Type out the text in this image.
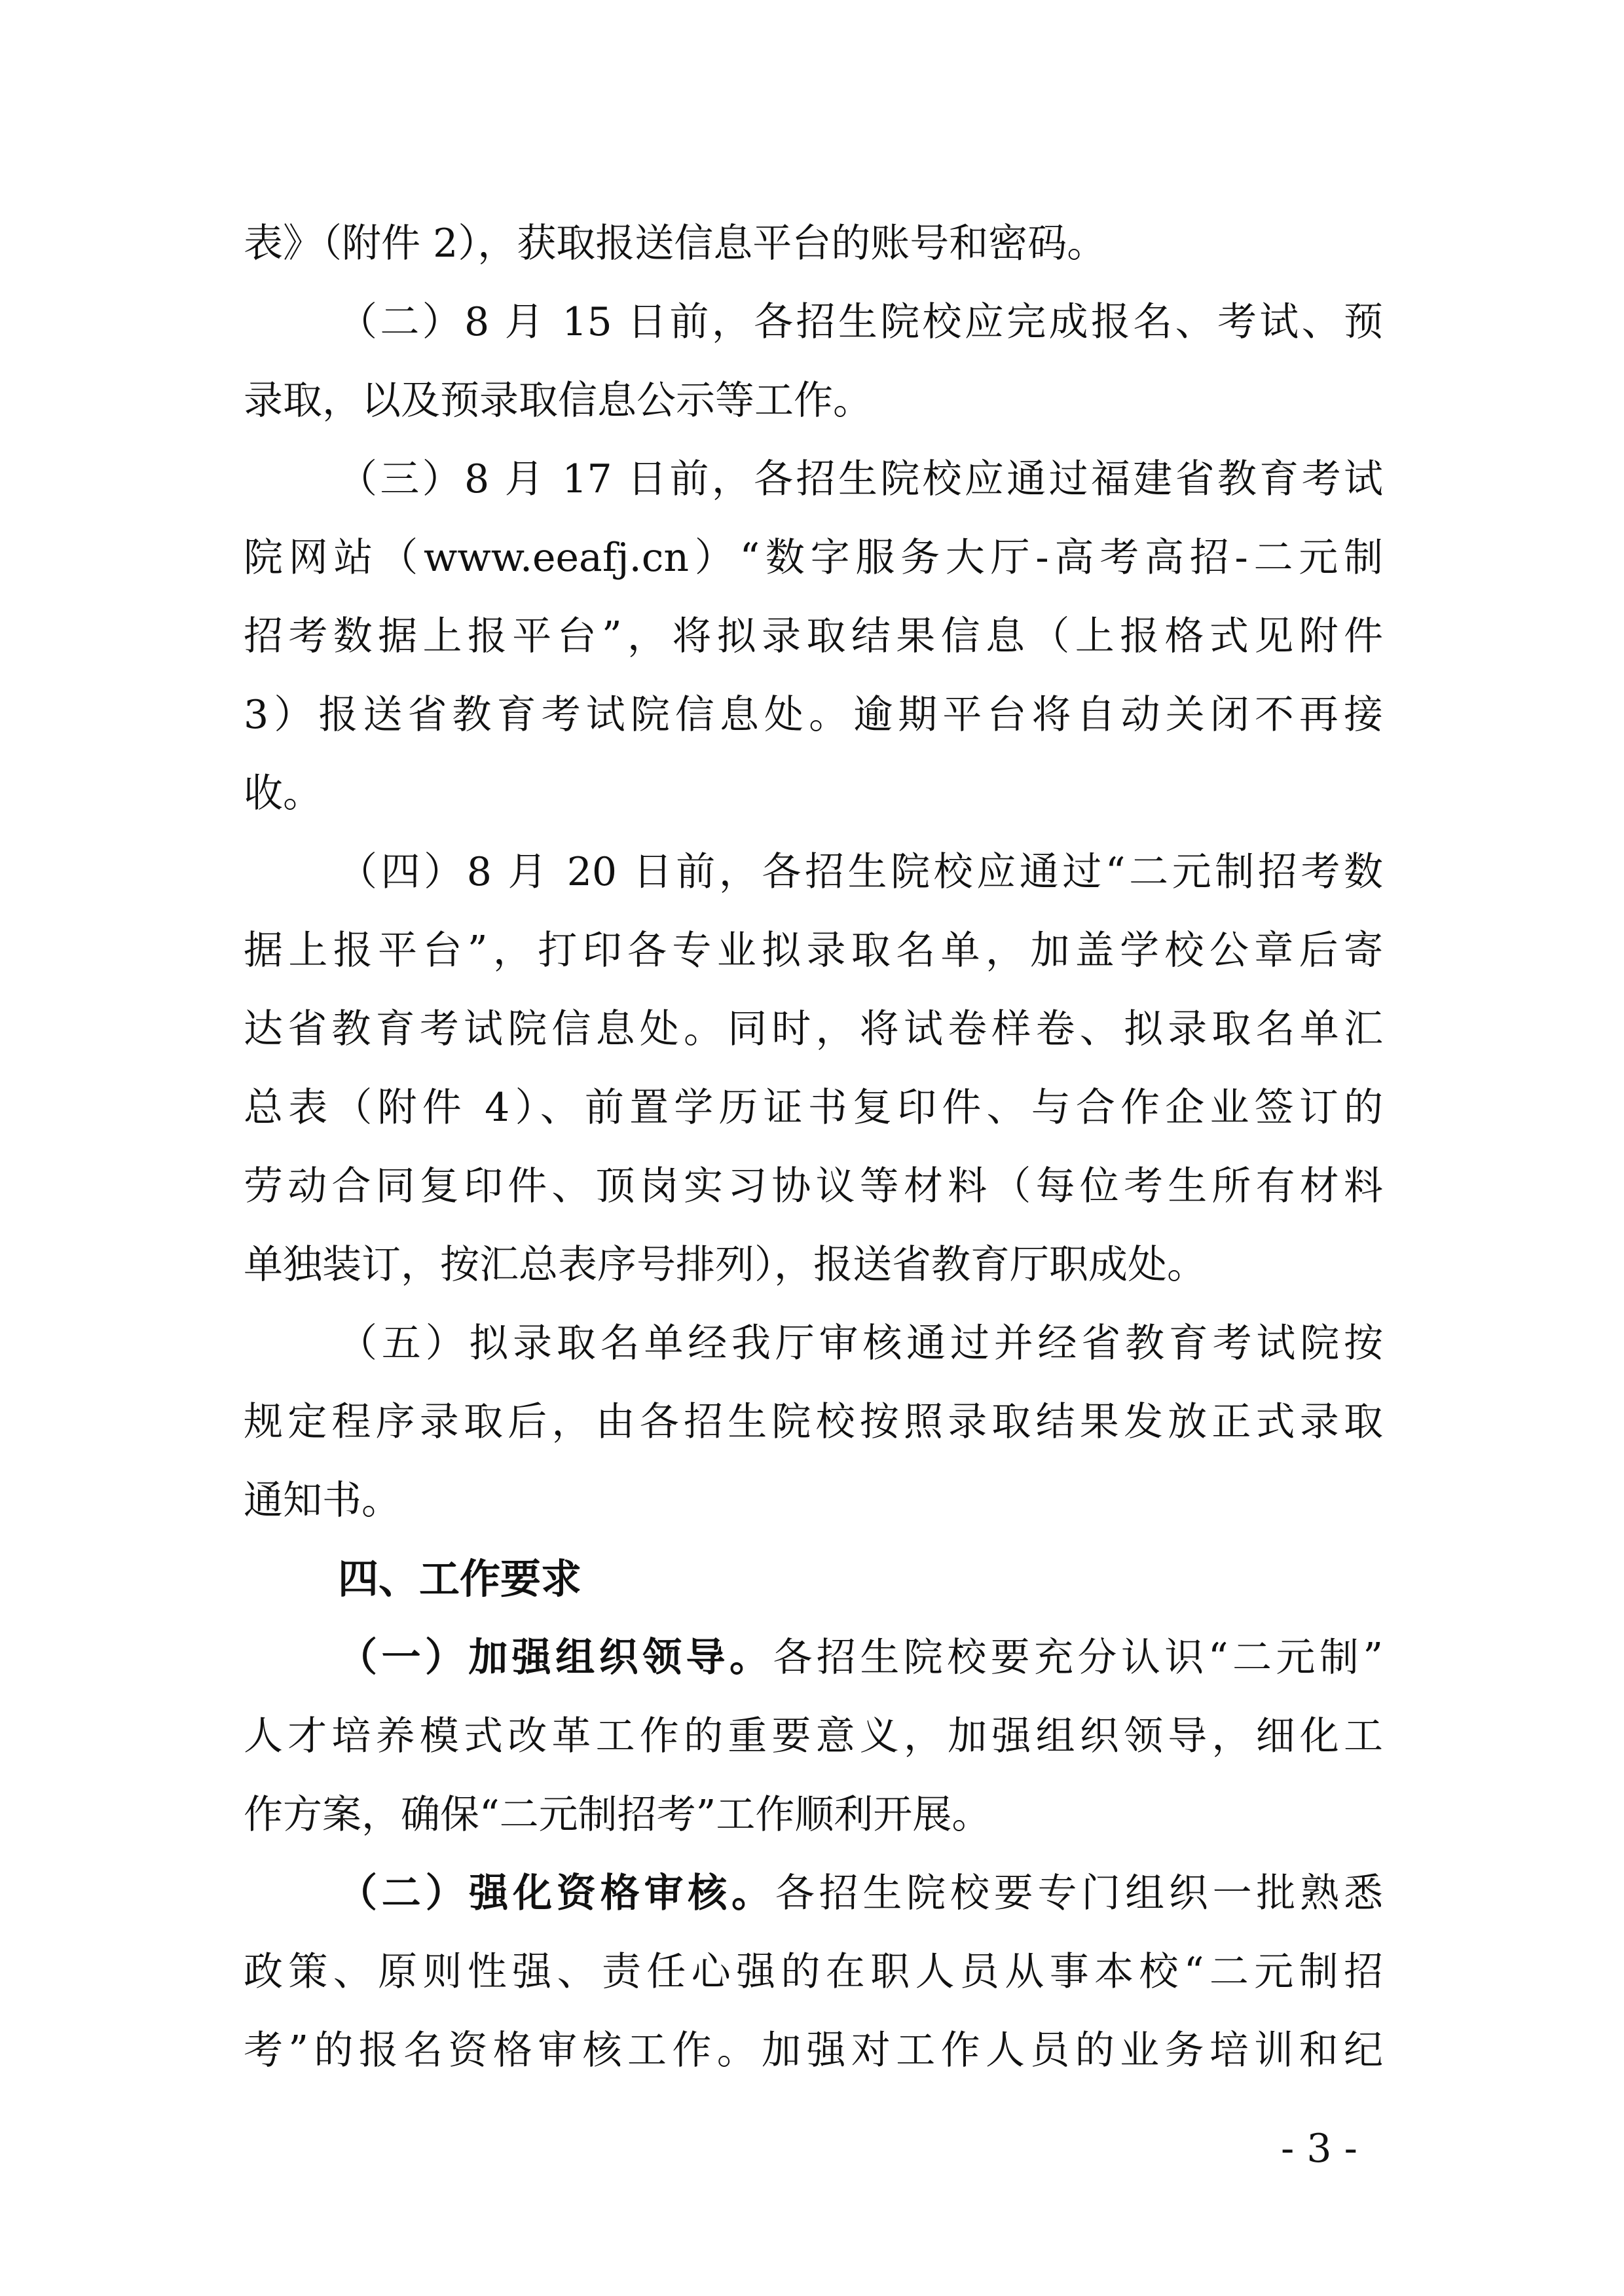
表》（附件 2），获取报送信息平台的账号和密码。

（二）8 月 15 日前，各招生院校应完成报名、考试、预

录取，以及预录取信息公示等工作。

（三）8 月 17 日前，各招生院校应通过福建省教育考试

院网站（www.eeafj.cn）“数字服务大厅-高考高招-二元制

招考数据上报平台”，将拟录取结果信息（上报格式见附件

3）报送省教育考试院信息处。逾期平台将自动关闭不再接

收。

（四）8 月 20 日前，各招生院校应通过“二元制招考数

据上报平台”，打印各专业拟录取名单，加盖学校公章后寄

达省教育考试院信息处。同时，将试卷样卷、拟录取名单汇

总表（附件 4）、前置学历证书复印件、与合作企业签订的

劳动合同复印件、顶岗实习协议等材料（每位考生所有材料

单独装订，按汇总表序号排列），报送省教育厅职成处。

（五）拟录取名单经我厅审核通过并经省教育考试院按

规定程序录取后，由各招生院校按照录取结果发放正式录取

通知书。

四、工作要求

（一）加强组织领导。各招生院校要充分认识“二元制”

人才培养模式改革工作的重要意义，加强组织领导，细化工

作方案，确保“二元制招考”工作顺利开展。

（二）强化资格审核。各招生院校要专门组织一批熟悉

政策、原则性强、责任心强的在职人员从事本校“二元制招

考”的报名资格审核工作。加强对工作人员的业务培训和纪

- 3 -
